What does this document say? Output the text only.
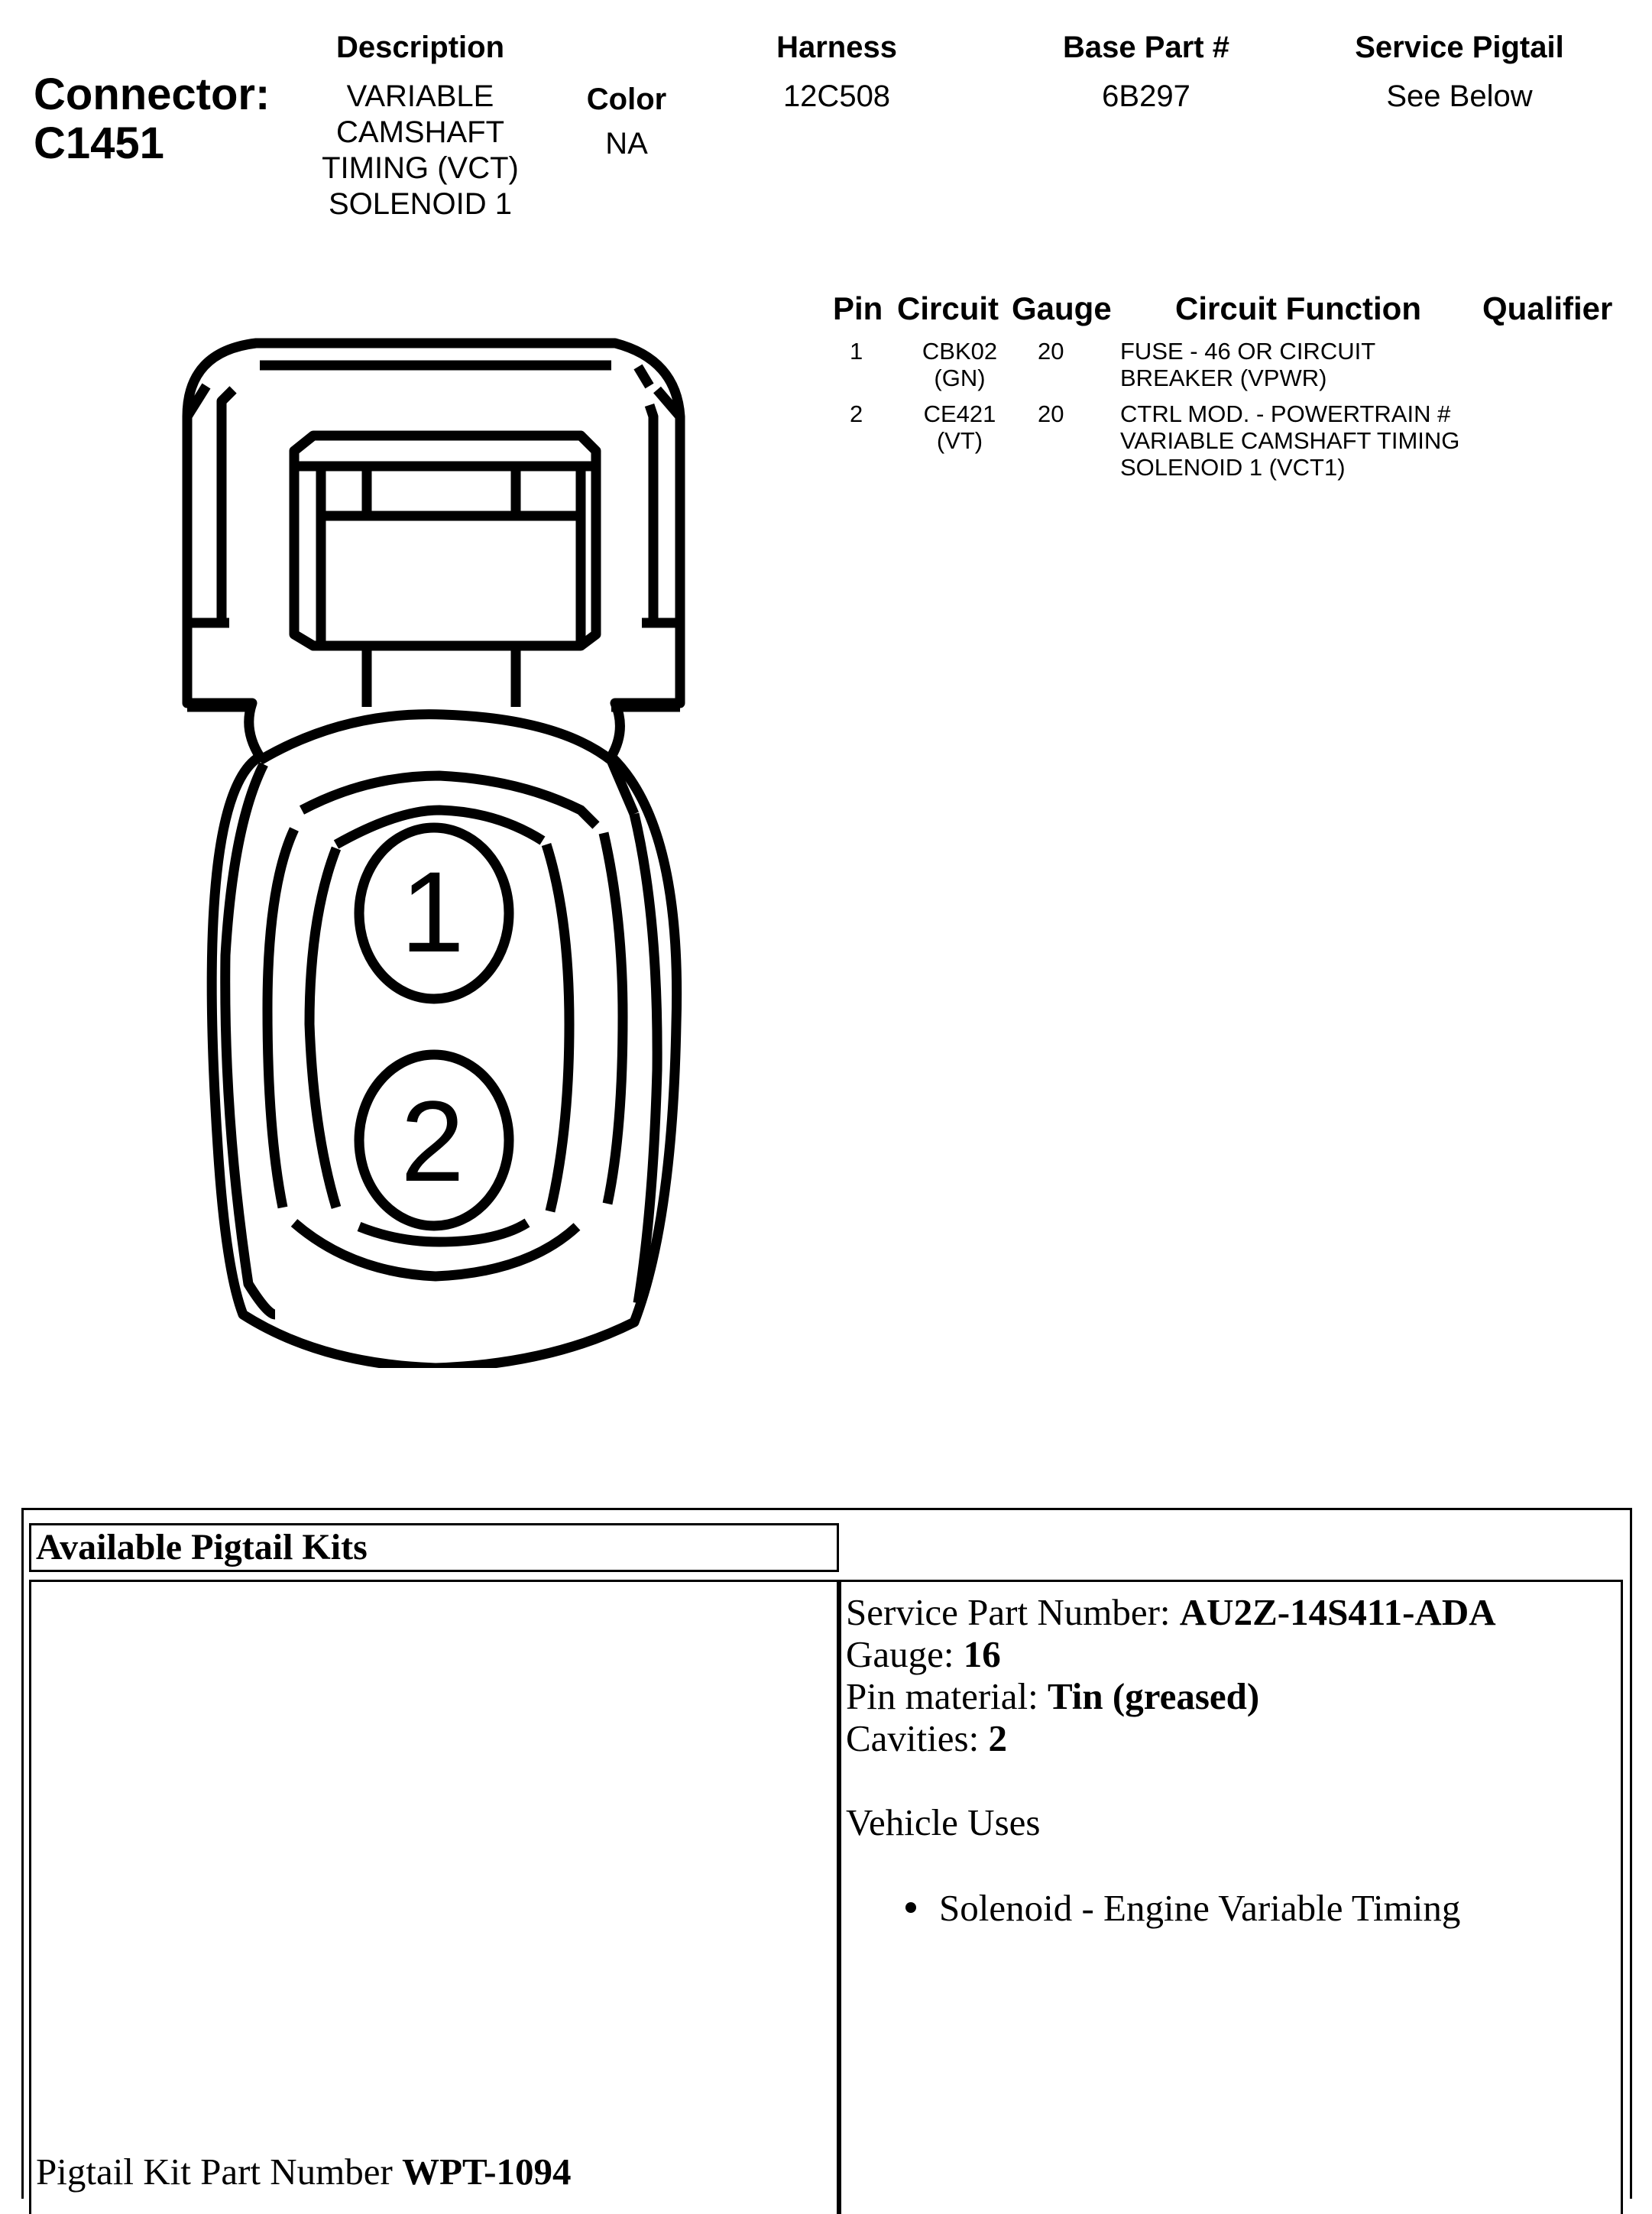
Connector:
C1451
Description
VARIABLE
CAMSHAFT
TIMING (VCT)
SOLENOID 1
Color
NA
Harness
12C508
Base Part #
6B297
Service Pigtail
See Below
Pin Circuit Gauge Circuit Function Qualifier
1	CBK02
(GN)
20 FUSE - 46 OR CIRCUIT
BREAKER (VPWR)
2	CE421
(VT)
20 CTRL MOD. - POWERTRAIN #
VARIABLE CAMSHAFT TIMING
SOLENOID 1 (VCT1)
1
2
Available Pigtail Kits
Pigtail Kit Part Number WPT-1094
Service Part Number: AU2Z-14S411-ADA
Gauge: 16
Pin material: Tin (greased)
Cavities: 2
Vehicle Uses
Solenoid - Engine Variable Timing
